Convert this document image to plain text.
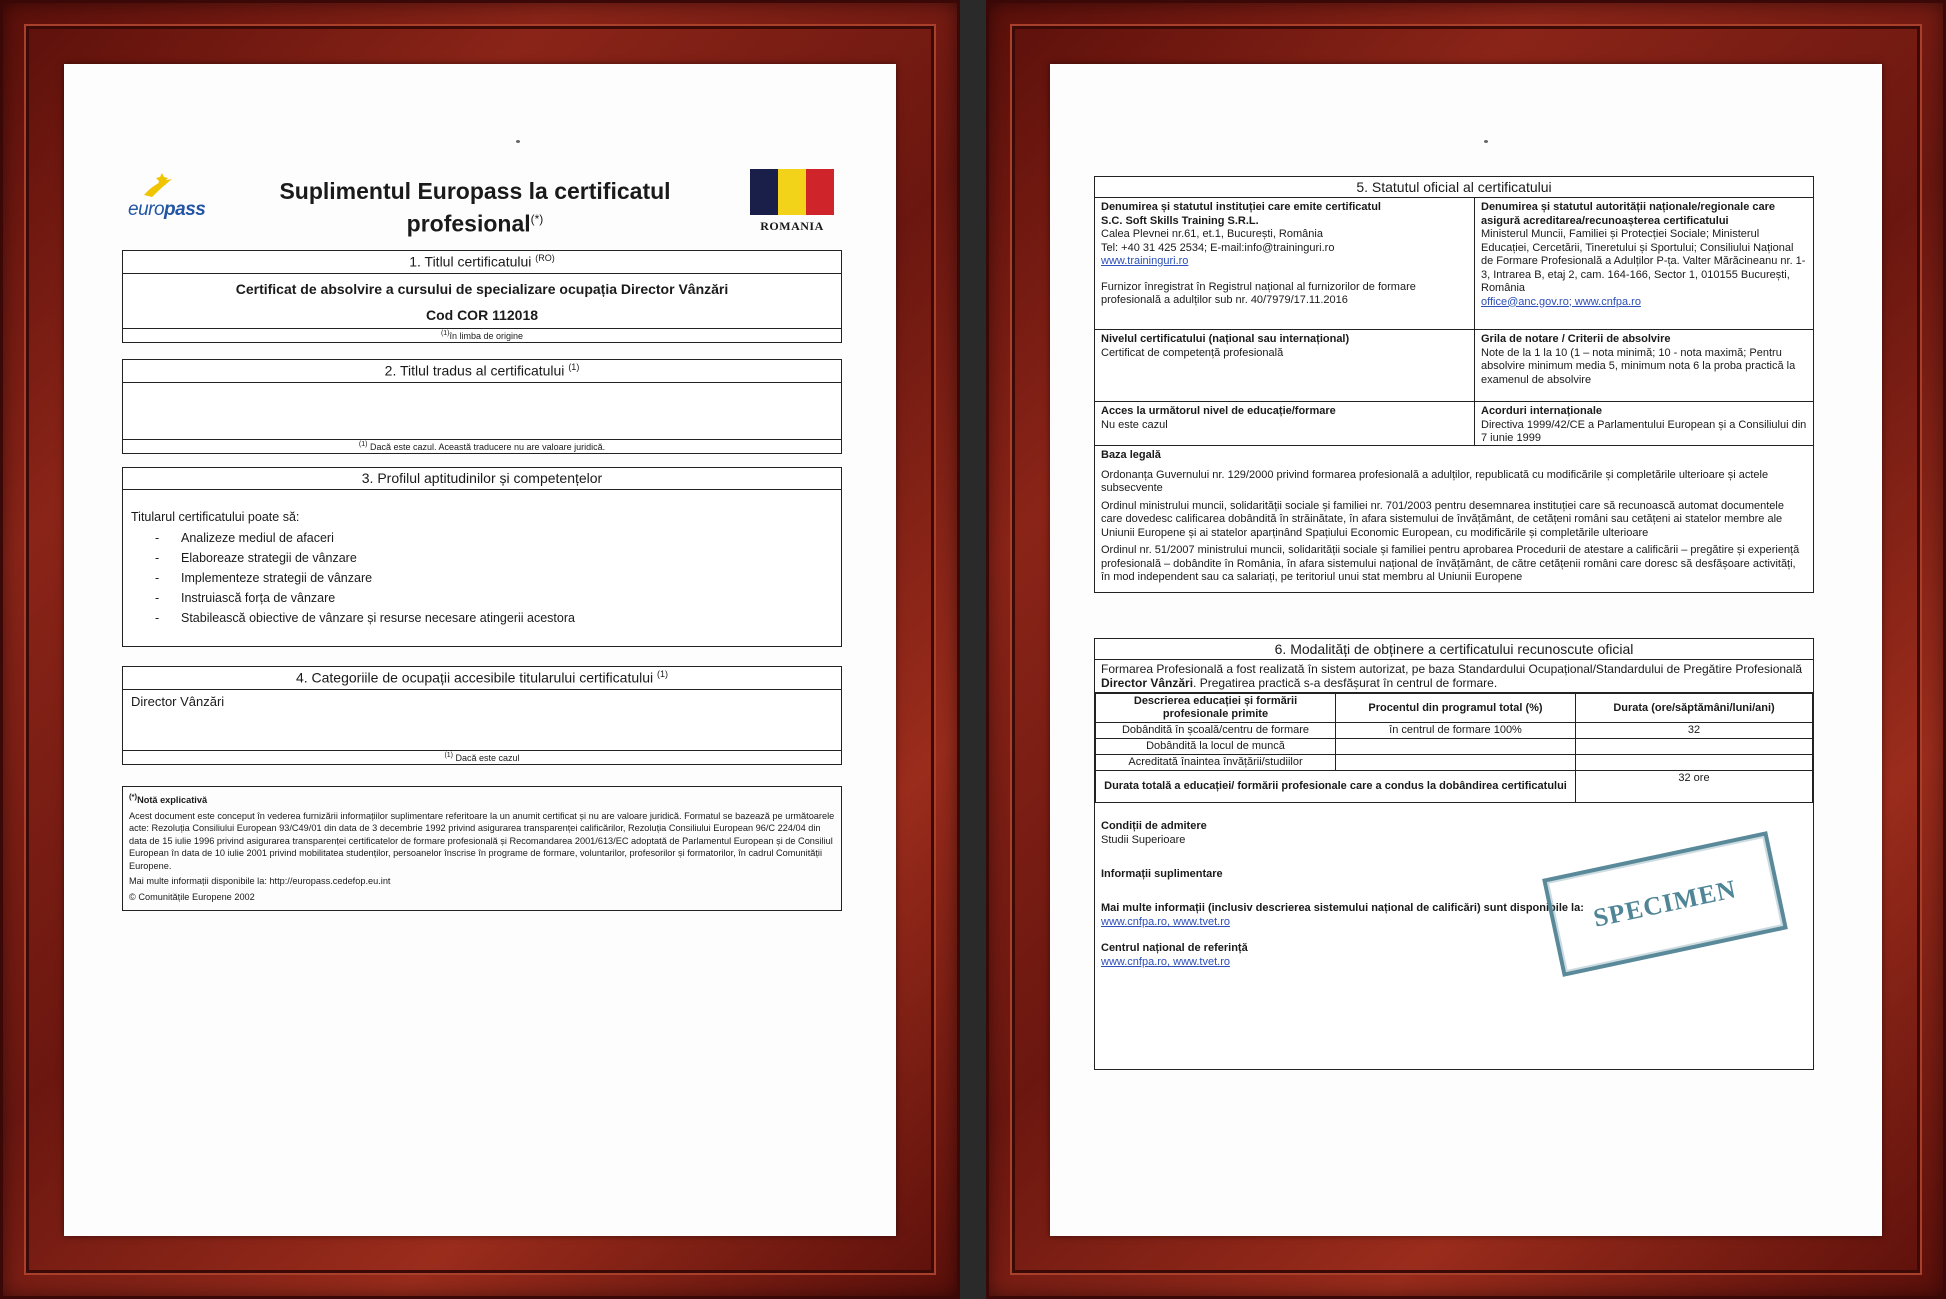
europass
Suplimentul Europass la certificatul profesional(*)	ROMANIA
1. Titlul certificatului $^{(RO)}$
Certificat de absolvire a cursului de specializare ocupația Director Vânzări
Cod COR 112018
$^{(1)}$în limba de origine
2. Titlul tradus al certificatului $^{(1)}$
$^{(1)}$ Dacă este cazul. Această traducere nu are valoare juridică.
3. Profilul aptitudinilor și competențelor
Titularul certificatului poate să:
- Analizeze mediul de afaceri
- Elaboreaze strategii de vânzare
- Implementeze strategii de vânzare
- Instruiască forța de vânzare
- Stabilească obiective de vânzare și resurse necesare atingerii acestora
4. Categoriile de ocupații accesibile titularului certificatului $^{(1)}$
Director Vânzări
$^{(1)}$ Dacă este cazul

(*)Notă explicativă

Acest document este conceput în vederea furnizării informațiilor suplimentare referitoare la un anumit certificat și nu are valoare juridică. Formatul se bazează pe următoarele acte: Rezoluția Consiliului European 93/C49/01 din data de 3 decembrie 1992 privind asigurarea transparenței calificărilor, Rezoluția Consiliului European 96/C 224/04 din data de 15 iulie 1996 privind asigurarea transparenței certificatelor de formare profesională și Recomandarea 2001/613/EC adoptată de Parlamentul European și de Consiliul European în data de 10 iulie 2001 privind mobilitatea studenților, persoanelor înscrise în programe de formare, voluntarilor, profesorilor și formatorilor, în cadrul Comunității Europene.

Mai multe informații disponibile la: http://europass.cedefop.eu.int

© Comunitățile Europene 2002

5. Statutul oficial al certificatului
Denumirea și statutul instituției care emite certificatul
S.C. Soft Skills Training S.R.L.
Calea Plevnei nr.61, et.1, București, România
Tel: +40 31 425 2534; E-mail:info@traininguri.ro
www.traininguri.ro
Furnizor înregistrat în Registrul național al furnizorilor de formare profesională a adulților sub nr. 40/7979/17.11.2016
Denumirea și statutul autorității naționale/regionale care asigură acreditarea/recunoașterea certificatului
Ministerul Muncii, Familiei și Protecției Sociale; Ministerul Educației, Cercetării, Tineretului și Sportului; Consiliului Național de Formare Profesională a Adulților P-ța. Valter Mărăcineanu nr. 1-3, Intrarea B, etaj 2, cam. 164-166, Sector 1, 010155 București, România
office@anc.gov.ro; www.cnfpa.ro
Nivelul certificatului (național sau internațional)
Certificat de competență profesională
Grila de notare / Criterii de absolvire
Note de la 1 la 10 (1 – nota minimă; 10 - nota maximă; Pentru absolvire minimum media 5, minimum nota 6 la proba practică la examenul de absolvire
Acces la următorul nivel de educație/formare
Nu este cazul
Acorduri internaționale
Directiva 1999/42/CE a Parlamentului European și a Consiliului din 7 iunie 1999
Baza legală

Ordonanța Guvernului nr. 129/2000 privind formarea profesională a adulților, republicată cu modificările și completările ulterioare și actele subsecvente

Ordinul ministrului muncii, solidarității sociale și familiei nr. 701/2003 pentru desemnarea instituției care să recunoască automat documentele care dovedesc calificarea dobândită în străinătate, în afara sistemului de învățământ, de cetățeni români sau cetățeni ai statelor membre ale Uniunii Europene și ai statelor aparținând Spațiului Economic European, cu modificările și completările ulterioare

Ordinul nr. 51/2007 ministrului muncii, solidarității sociale și familiei pentru aprobarea Procedurii de atestare a calificării – pregătire și experiență profesională – dobândite în România, în afara sistemului național de învățământ, de către cetățenii români care doresc să desfășoare activități, în mod independent sau ca salariați, pe teritoriul unui stat membru al Uniunii Europene

6. Modalități de obținere a certificatului recunoscute oficial
Formarea Profesională a fost realizată în sistem autorizat, pe baza Standardului Ocupațional/Standardului de Pregătire Profesională Director Vânzări. Pregatirea practică s-a desfășurat în centrul de formare.
Descrierea educației și formării profesionale primite	Procentul din programul total (%)	Durata (ore/săptămâni/luni/ani)
Dobândită în școală/centru de formare	în centrul de formare 100%	32
Dobândită la locul de muncă		
Acreditată înaintea învățării/studiilor		
Durata totală a educației/ formării profesionale care a condus la dobândirea certificatului		32 ore
Condiții de admitere
Studii Superioare
Informații suplimentare
Mai multe informații (inclusiv descrierea sistemului național de calificări) sunt disponibile la:
www.cnfpa.ro, www.tvet.ro
Centrul național de referință
www.cnfpa.ro, www.tvet.ro
SPECIMEN
